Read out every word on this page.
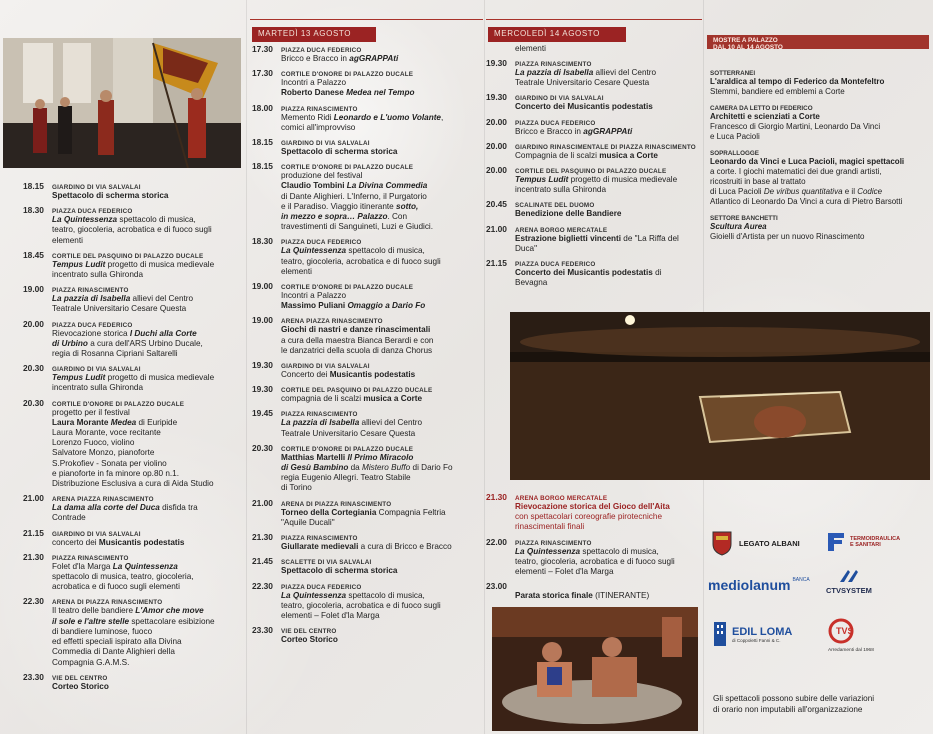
18.15	GIARDINO DI VIA SALVALAI
Spettacolo di scherma storica
18.30	PIAZZA DUCA FEDERICO
La Quintessenza spettacolo di musica,
teatro, giocoleria, acrobatica e di fuoco sugli
elementi
18.45	CORTILE DEL PASQUINO DI PALAZZO DUCALE
Tempus Ludit progetto di musica medievale
incentrato sulla Ghironda
19.00	PIAZZA RINASCIMENTO
La pazzia di Isabella allievi del Centro
Teatrale Universitario Cesare Questa
20.00	PIAZZA DUCA FEDERICO
Rievocazione storica I Duchi alla Corte
di Urbino a cura dell'ARS Urbino Ducale,
regia di Rosanna Cipriani Saltarelli
20.30	GIARDINO DI VIA SALVALAI
Tempus Ludit progetto di musica medievale
incentrato sulla Ghironda
20.30	CORTILE D'ONORE DI PALAZZO DUCALE
progetto per il festival
Laura Morante Medea di Euripide
Laura Morante, voce recitante
Lorenzo Fuoco, violino
Salvatore Monzo, pianoforte
S.Prokofiev - Sonata per violino
e pianoforte in fa minore op.80 n.1.
Distribuzione Esclusiva a cura di Aida Studio
21.00	ARENA PIAZZA RINASCIMENTO
La dama alla corte del Duca disfida tra
Contrade
21.15	GIARDINO DI VIA SALVALAI
concerto dei Musicantis podestatis
21.30	PIAZZA RINASCIMENTO
Folet d'la Marga La Quintessenza
spettacolo di musica, teatro, giocoleria,
acrobatica e di fuoco sugli elementi
22.30	ARENA DI PIAZZA RINASCIMENTO
Il teatro delle bandiere L'Amor che move
il sole e l'altre stelle spettacolare esibizione
di bandiere luminose, fuoco
ed effetti speciali ispirato alla Divina
Commedia di Dante Alighieri della
Compagnia G.A.M.S.
23.30	VIE DEL CENTRO
Corteo Storico
MARTEDÌ 13 AGOSTO
17.30	PIAZZA DUCA FEDERICO
Bricco e Bracco in agGRAPPAti
17.30	CORTILE D'ONORE DI PALAZZO DUCALE
Incontri a Palazzo
Roberto Danese Medea nel Tempo
18.00	PIAZZA RINASCIMENTO
Memento Ridi Leonardo e L'uomo Volante,
comici all'improvviso
18.15	GIARDINO DI VIA SALVALAI
Spettacolo di scherma storica
18.15	CORTILE D'ONORE DI PALAZZO DUCALE
produzione del festival
Claudio Tombini La Divina Commedia
di Dante Alighieri. L'Inferno, il Purgatorio
e il Paradiso. Viaggio itinerante sotto,
in mezzo e sopra… Palazzo. Con
travestimenti di Sanguineti, Luzi e Giudici.
18.30	PIAZZA DUCA FEDERICO
La Quintessenza spettacolo di musica,
teatro, giocoleria, acrobatica e di fuoco sugli
elementi
19.00	CORTILE D'ONORE DI PALAZZO DUCALE
Incontri a Palazzo
Massimo Puliani Omaggio a Dario Fo
19.00	ARENA PIAZZA RINASCIMENTO
Giochi di nastri e danze rinascimentali
a cura della maestra Bianca Berardi e con
le danzatrici della scuola di danza Chorus
19.30	GIARDINO DI VIA SALVALAI
Concerto dei Musicantis podestatis
19.30	CORTILE DEL PASQUINO DI PALAZZO DUCALE
compagnia de li scalzi musica a Corte
19.45	PIAZZA RINASCIMENTO
La pazzia di Isabella allievi del Centro
Teatrale Universitario Cesare Questa
20.30	CORTILE D'ONORE DI PALAZZO DUCALE
Matthias Martelli Il Primo Miracolo
di Gesù Bambino da Mistero Buffo di Dario Fo
regia Eugenio Allegri. Teatro Stabile
di Torino
21.00	ARENA DI PIAZZA RINASCIMENTO
Torneo della Cortegiania Compagnia Feltria
"Aquile Ducali"
21.30	PIAZZA RINASCIMENTO
Giullarate medievali a cura di Bricco e Bracco
21.45	SCALETTE DI VIA SALVALAI
Spettacolo di scherma storica
22.30	PIAZZA DUCA FEDERICO
La Quintessenza spettacolo di musica,
teatro, giocoleria, acrobatica e di fuoco sugli
elementi – Folet d'la Marga
23.30	VIE DEL CENTRO
Corteo Storico
MERCOLEDÌ 14 AGOSTO
elementi
19.30	PIAZZA RINASCIMENTO
La pazzia di Isabella allievi del Centro
Teatrale Universitario Cesare Questa
19.30	GIARDINO DI VIA SALVALAI
Concerto dei Musicantis podestatis
20.00	PIAZZA DUCA FEDERICO
Bricco e Bracco in agGRAPPAti
20.00	GIARDINO RINASCIMENTALE DI PIAZZA RINASCIMENTO
Compagnia de li scalzi musica a Corte
20.00	CORTILE DEL PASQUINO DI PALAZZO DUCALE
Tempus Ludit progetto di musica medievale
incentrato sulla Ghironda
20.45	SCALINATE DEL DUOMO
Benedizione delle Bandiere
21.00	ARENA BORGO MERCATALE
Estrazione biglietti vincenti de "La Riffa del
Duca"
21.15	PIAZZA DUCA FEDERICO
Concerto dei Musicantis podestatis di
Bevagna
21.30	ARENA BORGO MERCATALE
Rievocazione storica del Gioco dell'Aita
con spettacolari coreografie pirotecniche
rinascimentali finali
22.00	PIAZZA RINASCIMENTO
La Quintessenza spettacolo di musica,
teatro, giocoleria, acrobatica e di fuoco sugli
elementi – Folet d'la Marga
23.00
Parata storica finale (ITINERANTE)
MOSTRE A PALAZZO
DAL 10 AL 14 AGOSTO
SOTTERRANEI
L'araldica al tempo di Federico da Montefeltro
Stemmi, bandiere ed emblemi a Corte
CAMERA DA LETTO DI FEDERICO
Architetti e scienziati a Corte
Francesco di Giorgio Martini, Leonardo Da Vinci
e Luca Pacioli
SOPRALLOGGE
Leonardo da Vinci e Luca Pacioli, magici spettacoli
a corte. I giochi matematici dei due grandi artisti,
ricostruiti in base al trattato
di Luca Pacioli De viribus quantitativa e il Codice
Atlantico di Leonardo Da Vinci a cura di Pietro Barsotti
SETTORE BANCHETTI
Scultura Aurea
Gioielli d'Artista per un nuovo Rinascimento
LEGATO ALBANI	TERMOIDRAULICA
E SANITARI
mediolanum BANCA
CTVSYSTEM
EDIL LOMA
di Coppoletti Fanni & C.
TVS
Arredamenti dal 1968
Gli spettacoli possono subire delle variazioni
di orario non imputabili all'organizzazione
